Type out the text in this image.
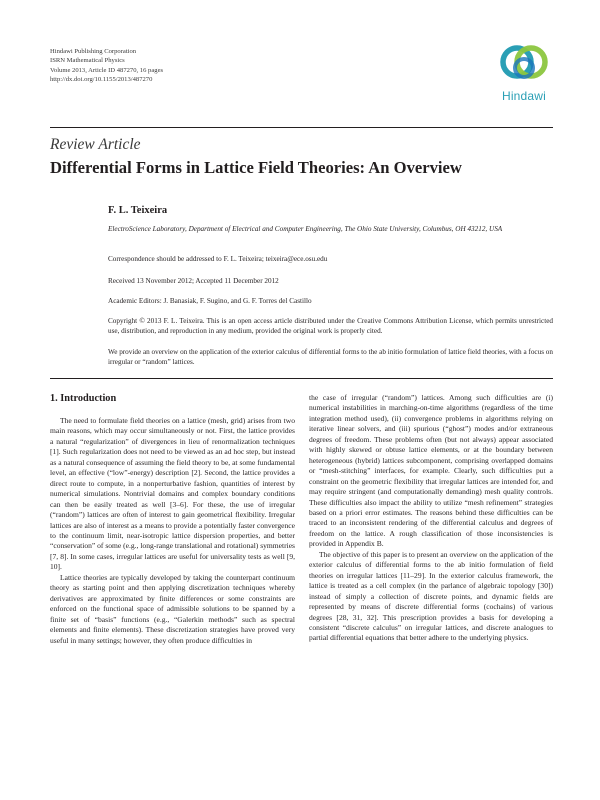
Hindawi Publishing Corporation
ISRN Mathematical Physics
Volume 2013, Article ID 487270, 16 pages
http://dx.doi.org/10.1155/2013/487270
Hindawi
Review Article
Differential Forms in Lattice Field Theories: An Overview
F. L. Teixeira
ElectroScience Laboratory, Department of Electrical and Computer Engineering, The Ohio State University, Columbus, OH 43212, USA
Correspondence should be addressed to F. L. Teixeira; teixeira@ece.osu.edu
Received 13 November 2012; Accepted 11 December 2012
Academic Editors: J. Banasiak, F. Sugino, and G. F. Torres del Castillo
Copyright © 2013 F. L. Teixeira. This is an open access article distributed under the Creative Commons Attribution License, which permits unrestricted use, distribution, and reproduction in any medium, provided the original work is properly cited.
We provide an overview on the application of the exterior calculus of differential forms to the ab initio formulation of lattice field theories, with a focus on irregular or “random” lattices.
1. Introduction

The need to formulate field theories on a lattice (mesh, grid) arises from two main reasons, which may occur simultaneously or not. First, the lattice provides a natural “regularization” of divergences in lieu of renormalization techniques [1]. Such regularization does not need to be viewed as an ad hoc step, but instead as a natural consequence of assuming the field theory to be, at some fundamental level, an effective (“low”-energy) description [2]. Second, the lattice provides a direct route to compute, in a nonperturbative fashion, quantities of interest by numerical simulations. Nontrivial domains and complex boundary conditions can then be easily treated as well [3–6]. For these, the use of irregular (“random”) lattices are often of interest to gain geometrical flexibility. Irregular lattices are also of interest as a means to provide a potentially faster convergence to the continuum limit, near-isotropic lattice dispersion properties, and better “conservation” of some (e.g., long-range translational and rotational) symmetries [7, 8]. In some cases, irregular lattices are useful for universality tests as well [9, 10].

Lattice theories are typically developed by taking the counterpart continuum theory as starting point and then applying discretization techniques whereby derivatives are approximated by finite differences or some constraints are enforced on the functional space of admissible solutions to be spanned by a finite set of “basis” functions (e.g., “Galerkin methods” such as spectral elements and finite elements). These discretization strategies have proved very useful in many settings; however, they often produce difficulties in

the case of irregular (“random”) lattices. Among such difficulties are (i) numerical instabilities in marching-on-time algorithms (regardless of the time integration method used), (ii) convergence problems in algorithms relying on iterative linear solvers, and (iii) spurious (“ghost”) modes and/or extraneous degrees of freedom. These problems often (but not always) appear associated with highly skewed or obtuse lattice elements, or at the boundary between heterogeneous (hybrid) lattices subcomponent, comprising overlapped domains or “mesh-stitching” interfaces, for example. Clearly, such difficulties put a constraint on the geometric flexibility that irregular lattices are intended for, and may require stringent (and computationally demanding) mesh quality controls. These difficulties also impact the ability to utilize “mesh refinement” strategies based on a priori error estimates. The reasons behind these difficulties can be traced to an inconsistent rendering of the differential calculus and degrees of freedom on the lattice. A rough classification of those inconsistencies is provided in Appendix B.

The objective of this paper is to present an overview on the application of the exterior calculus of differential forms to the ab initio formulation of field theories on irregular lattices [11–29]. In the exterior calculus framework, the lattice is treated as a cell complex (in the parlance of algebraic topology [30]) instead of simply a collection of discrete points, and dynamic fields are represented by means of discrete differential forms (cochains) of various degrees [28, 31, 32]. This prescription provides a basis for developing a consistent “discrete calculus” on irregular lattices, and discrete analogues to partial differential equations that better adhere to the underlying physics.
